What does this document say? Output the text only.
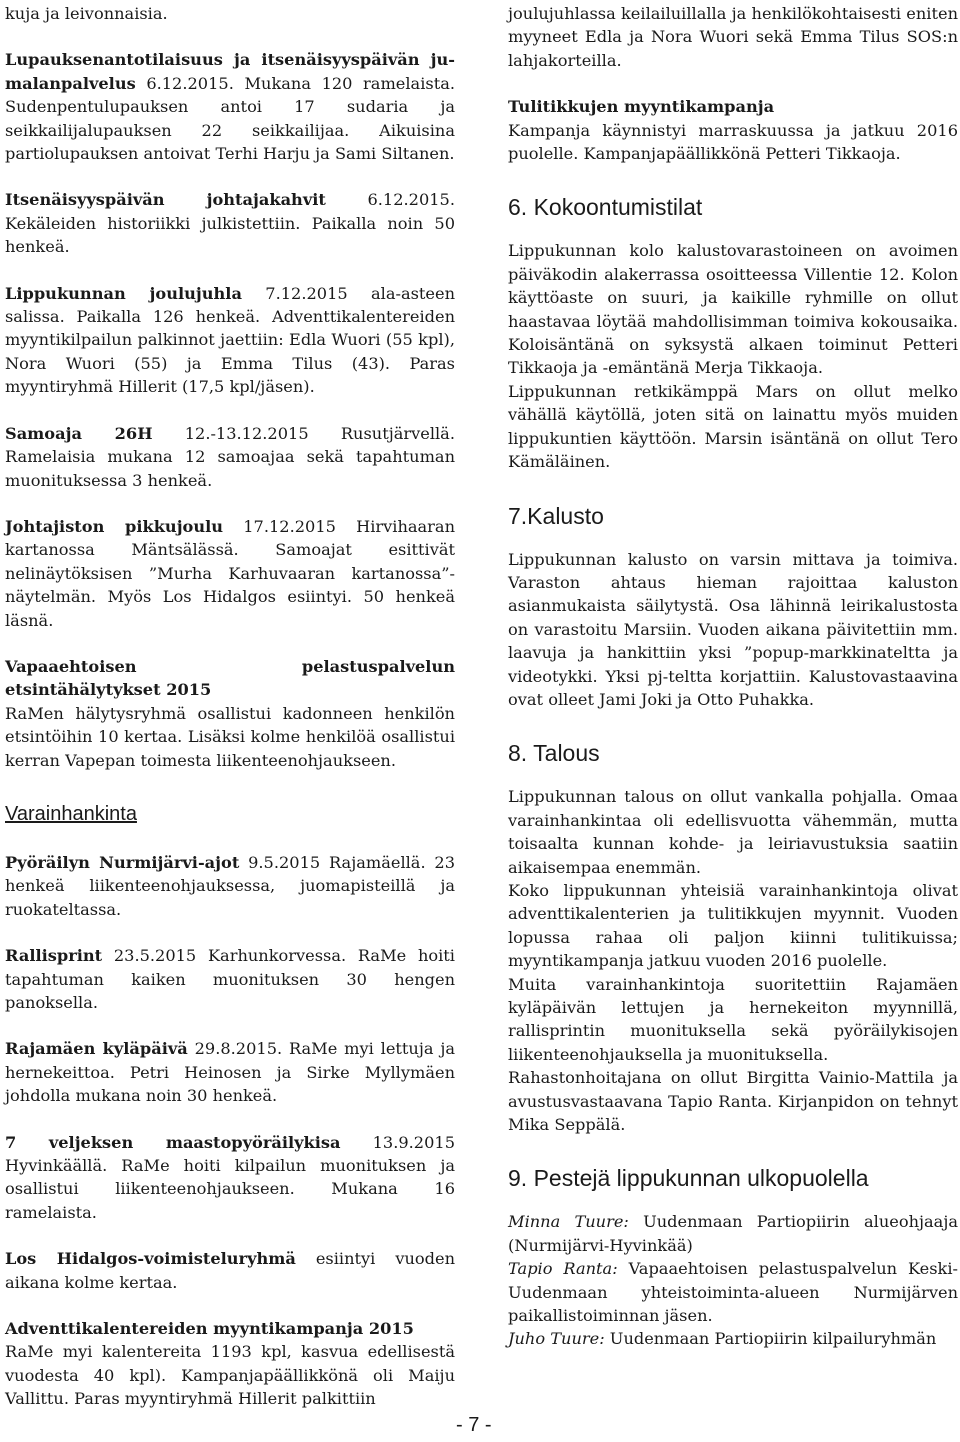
kuja ja leivonnaisia.

Lupauksenantotilaisuus ja itsenäisyyspäivän ju-malanpalvelus 6.12.2015. Mukana 120 ramelaista. Sudenpentulupauksen antoi 17 sudaria ja seikkailijalupauksen 22 seikkailijaa. Aikuisina partiolupauksen antoivat Terhi Harju ja Sami Siltanen.

Itsenäisyyspäivän johtajakahvit 6.12.2015. Kekäleiden historiikki julkistettiin. Paikalla noin 50 henkeä.

Lippukunnan joulujuhla 7.12.2015 ala-asteen salissa. Paikalla 126 henkeä. Adventtikalentereiden myyntikilpailun palkinnot jaettiin: Edla Wuori (55 kpl), Nora Wuori (55) ja Emma Tilus (43). Paras myyntiryhmä Hillerit (17,5 kpl/jäsen).

Samoaja 26H 12.-13.12.2015 Rusutjärvellä. Ramelaisia mukana 12 samoajaa sekä tapahtuman muonituksessa 3 henkeä.

Johtajiston pikkujoulu 17.12.2015 Hirvihaaran kartanossa Mäntsälässä. Samoajat esittivät nelinäytöksisen ”Murha Karhuvaaran kartanossa”-näytelmän. Myös Los Hidalgos esiintyi. 50 henkeä läsnä.

Vapaaehtoisen pelastuspalvelun etsintähälytykset 2015
RaMen hälytysryhmä osallistui kadonneen henkilön etsintöihin 10 kertaa. Lisäksi kolme henkilöä osallistui kerran Vapepan toimesta liikenteenohjaukseen.

Varainhankinta

Pyöräilyn Nurmijärvi-ajot 9.5.2015 Rajamäellä. 23 henkeä liikenteenohjauksessa, juomapisteillä ja ruokateltassa.

Rallisprint 23.5.2015 Karhunkorvessa. RaMe hoiti tapahtuman kaiken muonituksen 30 hengen panoksella.

Rajamäen kyläpäivä 29.8.2015. RaMe myi lettuja ja hernekeittoa. Petri Heinosen ja Sirke Myllymäen johdolla mukana noin 30 henkeä.

7 veljeksen maastopyöräilykisa 13.9.2015 Hyvinkäällä. RaMe hoiti kilpailun muonituksen ja osallistui liikenteenohjaukseen. Mukana 16 ramelaista.

Los Hidalgos-voimisteluryhmä esiintyi vuoden aikana kolme kertaa.

Adventtikalentereiden myyntikampanja 2015
RaMe myi kalentereita 1193 kpl, kasvua edellisestä vuodesta 40 kpl). Kampanjapäällikkönä oli Maiju Vallittu. Paras myyntiryhmä Hillerit palkittiin

joulujuhlassa keilailuillalla ja henkilökohtaisesti eniten myyneet Edla ja Nora Wuori sekä Emma Tilus SOS:n lahjakorteilla.

Tulitikkujen myyntikampanja
Kampanja käynnistyi marraskuussa ja jatkuu 2016 puolelle. Kampanjapäällikkönä Petteri Tikkaoja.

6. Kokoontumistilat

Lippukunnan kolo kalustovarastoineen on avoimen päiväkodin alakerrassa osoitteessa Villentie 12. Kolon käyttöaste on suuri, ja kaikille ryhmille on ollut haastavaa löytää mahdollisimman toimiva kokousaika. Koloisäntänä on syksystä alkaen toiminut Petteri Tikkaoja ja -emäntänä Merja Tikkaoja.

Lippukunnan retkikämppä Mars on ollut melko vähällä käytöllä, joten sitä on lainattu myös muiden lippukuntien käyttöön. Marsin isäntänä on ollut Tero Kämäläinen.

7.Kalusto

Lippukunnan kalusto on varsin mittava ja toimiva. Varaston ahtaus hieman rajoittaa kaluston asianmukaista säilytystä. Osa lähinnä leirikalustosta on varastoitu Marsiin. Vuoden aikana päivitettiin mm. laavuja ja hankittiin yksi ”popup-markkinateltta ja videotykki. Yksi pj-teltta korjattiin. Kalustovastaavina ovat olleet Jami Joki ja Otto Puhakka.

8. Talous

Lippukunnan talous on ollut vankalla pohjalla. Omaa varainhankintaa oli edellisvuotta vähemmän, mutta toisaalta kunnan kohde- ja leiriavustuksia saatiin aikaisempaa enemmän.

Koko lippukunnan yhteisiä varainhankintoja olivat adventtikalenterien ja tulitikkujen myynnit. Vuoden lopussa rahaa oli paljon kiinni tulitikuissa; myyntikampanja jatkuu vuoden 2016 puolelle.

Muita varainhankintoja suoritettiin Rajamäen kyläpäivän lettujen ja hernekeiton myynnillä, rallisprintin muonituksella sekä pyöräilykisojen liikenteenohjauksella ja muonituksella.

Rahastonhoitajana on ollut Birgitta Vainio-Mattila ja avustusvastaavana Tapio Ranta. Kirjanpidon on tehnyt Mika Seppälä.

9. Pestejä lippukunnan ulkopuolella

Minna Tuure: Uudenmaan Partiopiirin alueohjaaja (Nurmijärvi-Hyvinkää)

Tapio Ranta: Vapaaehtoisen pelastuspalvelun Keski-Uudenmaan yhteistoiminta-alueen Nurmijärven paikallistoiminnan jäsen.

Juho Tuure: Uudenmaan Partiopiirin kilpailuryhmän

- 7 -
